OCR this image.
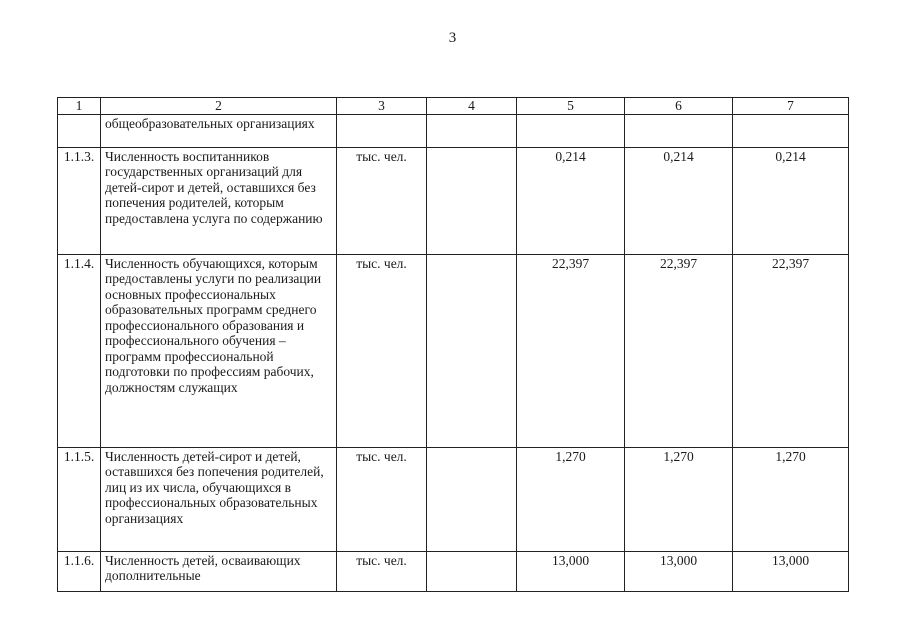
3
1	2	3	4	5	6	7
	общеобразовательных организациях					
1.1.3.	Численность воспитанников государственных организаций для детей-сирот и детей, оставшихся без попечения родителей, которым предоставлена услуга по содержанию	тыс. чел.		0,214	0,214	0,214
1.1.4.	Численность обучающихся, которым предоставлены услуги по реализации основных профессиональных образовательных программ среднего профессионального образования и профессионального обучения – программ профессиональной подготовки по профессиям рабочих, должностям служащих	тыс. чел.		22,397	22,397	22,397
1.1.5.	Численность детей-сирот и детей, оставшихся без попечения родителей, лиц из их числа, обучающихся в профессиональных образовательных организациях	тыс. чел.		1,270	1,270	1,270
1.1.6.	Численность детей, осваивающих дополнительные	тыс. чел.		13,000	13,000	13,000
